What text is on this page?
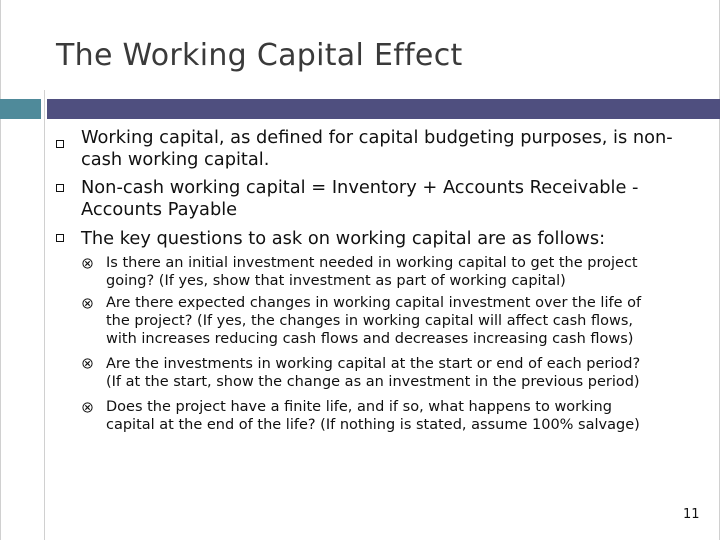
The Working Capital Effect
Working capital, as defined for capital budgeting purposes, is non-
cash working capital.
Non-cash working capital = Inventory + Accounts Receivable -
Accounts Payable
The key questions to ask on working capital are as follows:
Is there an initial investment needed in working capital to get the project
going? (If yes, show that investment as part of working capital)
Are there expected changes in working capital investment over the life of
the project? (If yes, the changes in working capital will affect cash flows,
with increases reducing cash flows and decreases increasing cash flows)
Are the investments in working capital at the start or end of each period?
(If at the start, show the change as an investment in the previous period)
Does the project have a finite life, and if so, what happens to working
capital at the end of the life? (If nothing is stated, assume 100% salvage)
11
